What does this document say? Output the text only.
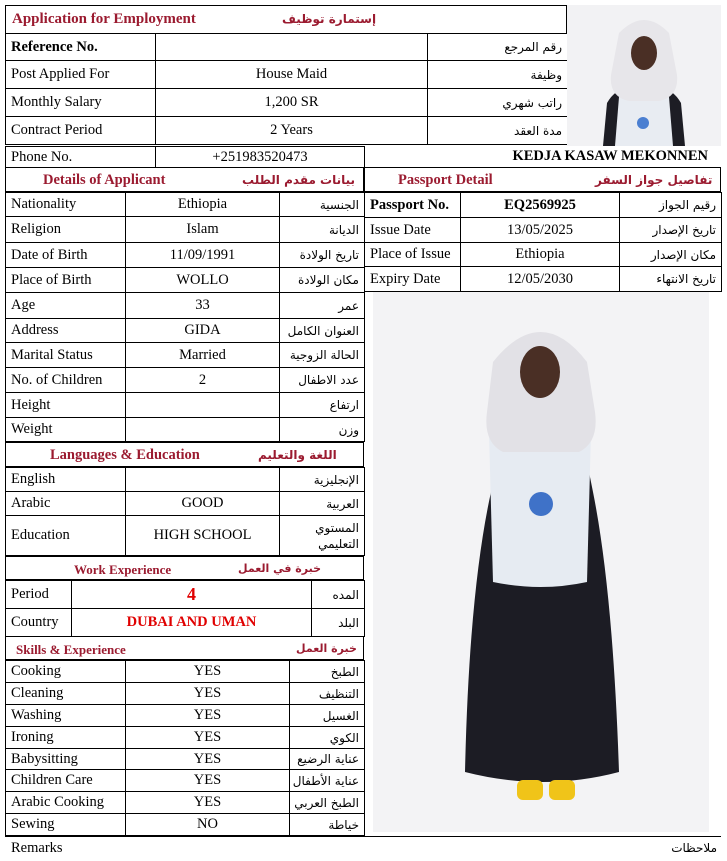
Application for Employment	إستمارة توظيف
Reference No.		رقم المرجع
Post Applied For	House Maid	وظيفة
Monthly Salary	1,200 SR	راتب شهري
Contract Period	2 Years	مدة العقد
Phone No.	+251983520473	KEDJA KASAW MEKONNEN
Details of Applicant	بيانات مقدم الطلب
Nationality	Ethiopia	الجنسية
Religion	Islam	الديانة
Date of Birth	11/09/1991	تاريخ الولادة
Place of Birth	WOLLO	مكان الولادة
Age	33	عمر
Address	GIDA	العنوان الكامل
Marital Status	Married	الحالة الزوجية
No. of Children	2	عدد الاطفال
Height		ارتفاع
Weight		وزن
Passport Detail	تفاصيل جواز السفر
Passport No.	EQ2569925	رقيم الجواز
Issue Date	13/05/2025	تاريخ الإصدار
Place of Issue	Ethiopia	مكان الإصدار
Expiry Date	12/05/2030	تاريخ الانتهاء
Languages & Education	اللغة والتعليم
English		الإنجليزية
Arabic	GOOD	العربية
Education	HIGH SCHOOL	المستوي التعليمي
Work Experience	خبرة في العمل
Period	4	المده
Country	DUBAI AND UMAN	البلد
Skills & Experience	خبرة العمل
Cooking	YES	الطبخ
Cleaning	YES	التنظيف
Washing	YES	الغسيل
Ironing	YES	الكوي
Babysitting	YES	عناية الرضيع
Children Care	YES	عناية الأطفال
Arabic Cooking	YES	الطبخ العربي
Sewing	NO	خياطة
Remarks	ملاحظات
